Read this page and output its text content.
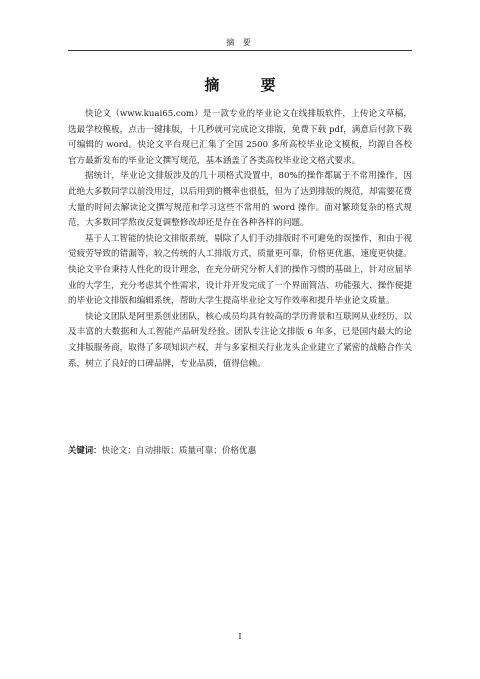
摘 要
摘 要

快论文（www.kuai65.com）是一款专业的毕业论文在线排版软件，上传论文草稿，选最学校模板，点击一键排版，十几秒就可完成论文排版，免费下载 pdf，满意后付款下载可编辑的 word。快论文平台现已汇集了全国 2500 多所高校毕业论文模板，均源自各校官方最新发布的毕业论文撰写规范，基本涵盖了各类高校毕业论文格式要求。

据统计，毕业论文排版涉及的几十项格式设置中，80%的操作都属于不常用操作，因此绝大多数同学以前没用过，以后用到的概率也很低，但为了达到排版的规范，却需要花费大量的时间去解读论文撰写规范和学习这些不常用的 word 操作。面对繁琐复杂的格式规范，大多数同学熬夜反复调整修改却还是存在各种各样的问题。

基于人工智能的快论文排版系统，剔除了人们手动排版时不可避免的误操作，和由于视觉疲劳导致的错漏等，较之传统的人工排版方式，质量更可靠，价格更优惠，速度更快捷。快论文平台秉持人性化的设计理念，在充分研究分析人们的操作习惯的基础上，针对应届毕业的大学生，充分考虑其个性需求，设计并开发完成了一个界面简洁、功能强大、操作便捷的毕业论文排版和编辑系统，帮助大学生提高毕业论文写作效率和提升毕业论文质量。

快论文团队是阿里系创业团队，核心成员均具有较高的学历背景和互联网从业经历，以及丰富的大数据和人工智能产品研发经验。团队专注论文排版 6 年多，已是国内最大的论文排版服务商，取得了多项知识产权，并与多家相关行业龙头企业建立了紧密的战略合作关系，树立了良好的口碑品牌，专业品质，值得信赖。

关键词：快论文；自动排版；质量可靠；价格优惠
I
